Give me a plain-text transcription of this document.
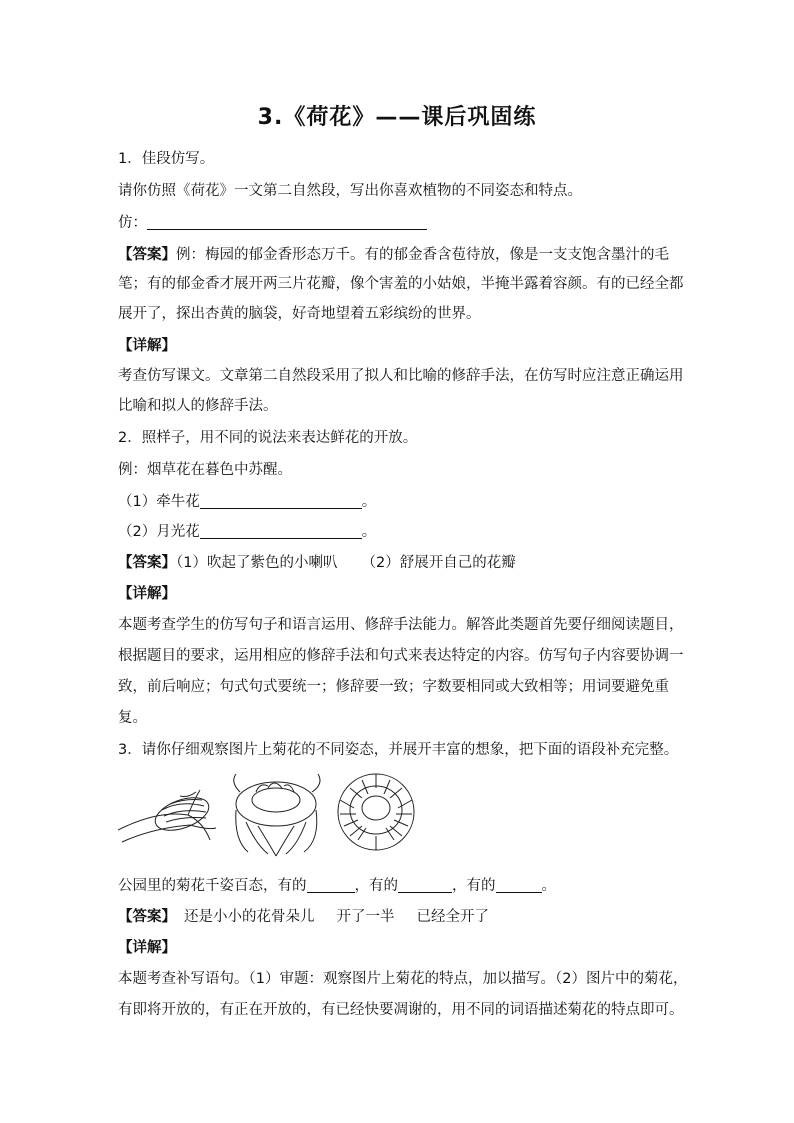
3.《荷花》——课后巩固练
1．佳段仿写。
请你仿照《荷花》一文第二自然段，写出你喜欢植物的不同姿态和特点。
仿：
【答案】例：梅园的郁金香形态万千。有的郁金香含苞待放，像是一支支饱含墨汁的毛
笔；有的郁金香才展开两三片花瓣，像个害羞的小姑娘，半掩半露着容颜。有的已经全都
展开了，探出杏黄的脑袋，好奇地望着五彩缤纷的世界。
【详解】
考查仿写课文。文章第二自然段采用了拟人和比喻的修辞手法，在仿写时应注意正确运用
比喻和拟人的修辞手法。
2．照样子，用不同的说法来表达鲜花的开放。
例：烟草花在暮色中苏醒。
（1）牵牛花	。
（2）月光花	。
【答案】（1）吹起了紫色的小喇叭 （2）舒展开自己的花瓣
【详解】
本题考查学生的仿写句子和语言运用、修辞手法能力。解答此类题首先要仔细阅读题目，
根据题目的要求，运用相应的修辞手法和句式来表达特定的内容。仿写句子内容要协调一
致，前后响应；句式句式要统一；修辞要一致；字数要相同或大致相等；用词要避免重
复。
3．请你仔细观察图片上菊花的不同姿态，并展开丰富的想象，把下面的语段补充完整。
公园里的菊花千姿百态，有的	，有的	，有的	。
【答案】 还是小小的花骨朵儿 开了一半 已经全开了
【详解】
本题考查补写语句。（1）审题：观察图片上菊花的特点，加以描写。（2）图片中的菊花，
有即将开放的，有正在开放的，有已经快要凋谢的，用不同的词语描述菊花的特点即可。
